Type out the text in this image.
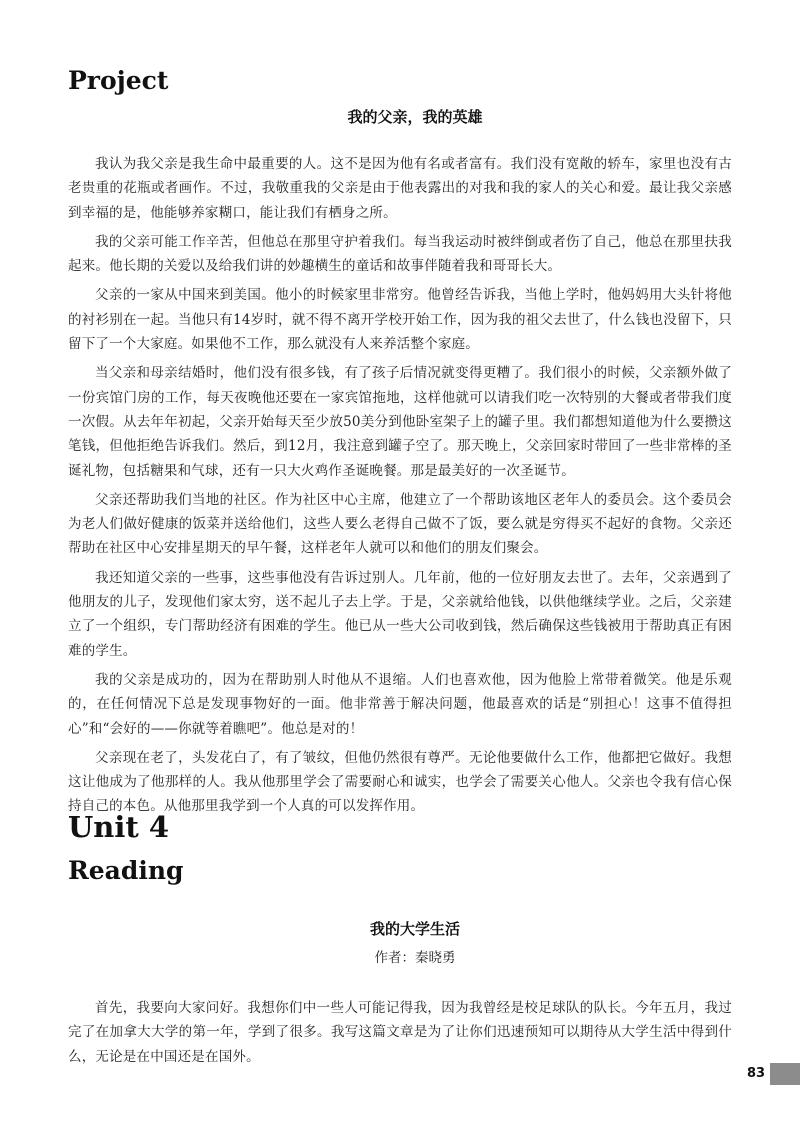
Project
我的父亲，我的英雄

我认为我父亲是我生命中最重要的人。这不是因为他有名或者富有。我们没有宽敞的轿车，家里也没有古老贵重的花瓶或者画作。不过，我敬重我的父亲是由于他表露出的对我和我的家人的关心和爱。最让我父亲感到幸福的是，他能够养家糊口，能让我们有栖身之所。

我的父亲可能工作辛苦，但他总在那里守护着我们。每当我运动时被绊倒或者伤了自己，他总在那里扶我起来。他长期的关爱以及给我们讲的妙趣横生的童话和故事伴随着我和哥哥长大。

父亲的一家从中国来到美国。他小的时候家里非常穷。他曾经告诉我，当他上学时，他妈妈用大头针将他的衬衫别在一起。当他只有14岁时，就不得不离开学校开始工作，因为我的祖父去世了，什么钱也没留下，只留下了一个大家庭。如果他不工作，那么就没有人来养活整个家庭。

当父亲和母亲结婚时，他们没有很多钱，有了孩子后情况就变得更糟了。我们很小的时候，父亲额外做了一份宾馆门房的工作，每天夜晚他还要在一家宾馆拖地，这样他就可以请我们吃一次特别的大餐或者带我们度一次假。从去年年初起，父亲开始每天至少放50美分到他卧室架子上的罐子里。我们都想知道他为什么要攒这笔钱，但他拒绝告诉我们。然后，到12月，我注意到罐子空了。那天晚上，父亲回家时带回了一些非常棒的圣诞礼物，包括糖果和气球，还有一只大火鸡作圣诞晚餐。那是最美好的一次圣诞节。

父亲还帮助我们当地的社区。作为社区中心主席，他建立了一个帮助该地区老年人的委员会。这个委员会为老人们做好健康的饭菜并送给他们，这些人要么老得自己做不了饭，要么就是穷得买不起好的食物。父亲还帮助在社区中心安排星期天的早午餐，这样老年人就可以和他们的朋友们聚会。

我还知道父亲的一些事，这些事他没有告诉过别人。几年前，他的一位好朋友去世了。去年，父亲遇到了他朋友的儿子，发现他们家太穷，送不起儿子去上学。于是，父亲就给他钱，以供他继续学业。之后，父亲建立了一个组织，专门帮助经济有困难的学生。他已从一些大公司收到钱，然后确保这些钱被用于帮助真正有困难的学生。

我的父亲是成功的，因为在帮助别人时他从不退缩。人们也喜欢他，因为他脸上常带着微笑。他是乐观的，在任何情况下总是发现事物好的一面。他非常善于解决问题，他最喜欢的话是“别担心！这事不值得担心”和“会好的——你就等着瞧吧”。他总是对的！

父亲现在老了，头发花白了，有了皱纹，但他仍然很有尊严。无论他要做什么工作，他都把它做好。我想这让他成为了他那样的人。我从他那里学会了需要耐心和诚实，也学会了需要关心他人。父亲也令我有信心保持自己的本色。从他那里我学到一个人真的可以发挥作用。

Unit 4
Reading
我的大学生活
作者：秦晓勇

首先，我要向大家问好。我想你们中一些人可能记得我，因为我曾经是校足球队的队长。今年五月，我过完了在加拿大大学的第一年，学到了很多。我写这篇文章是为了让你们迅速预知可以期待从大学生活中得到什么，无论是在中国还是在国外。

83
